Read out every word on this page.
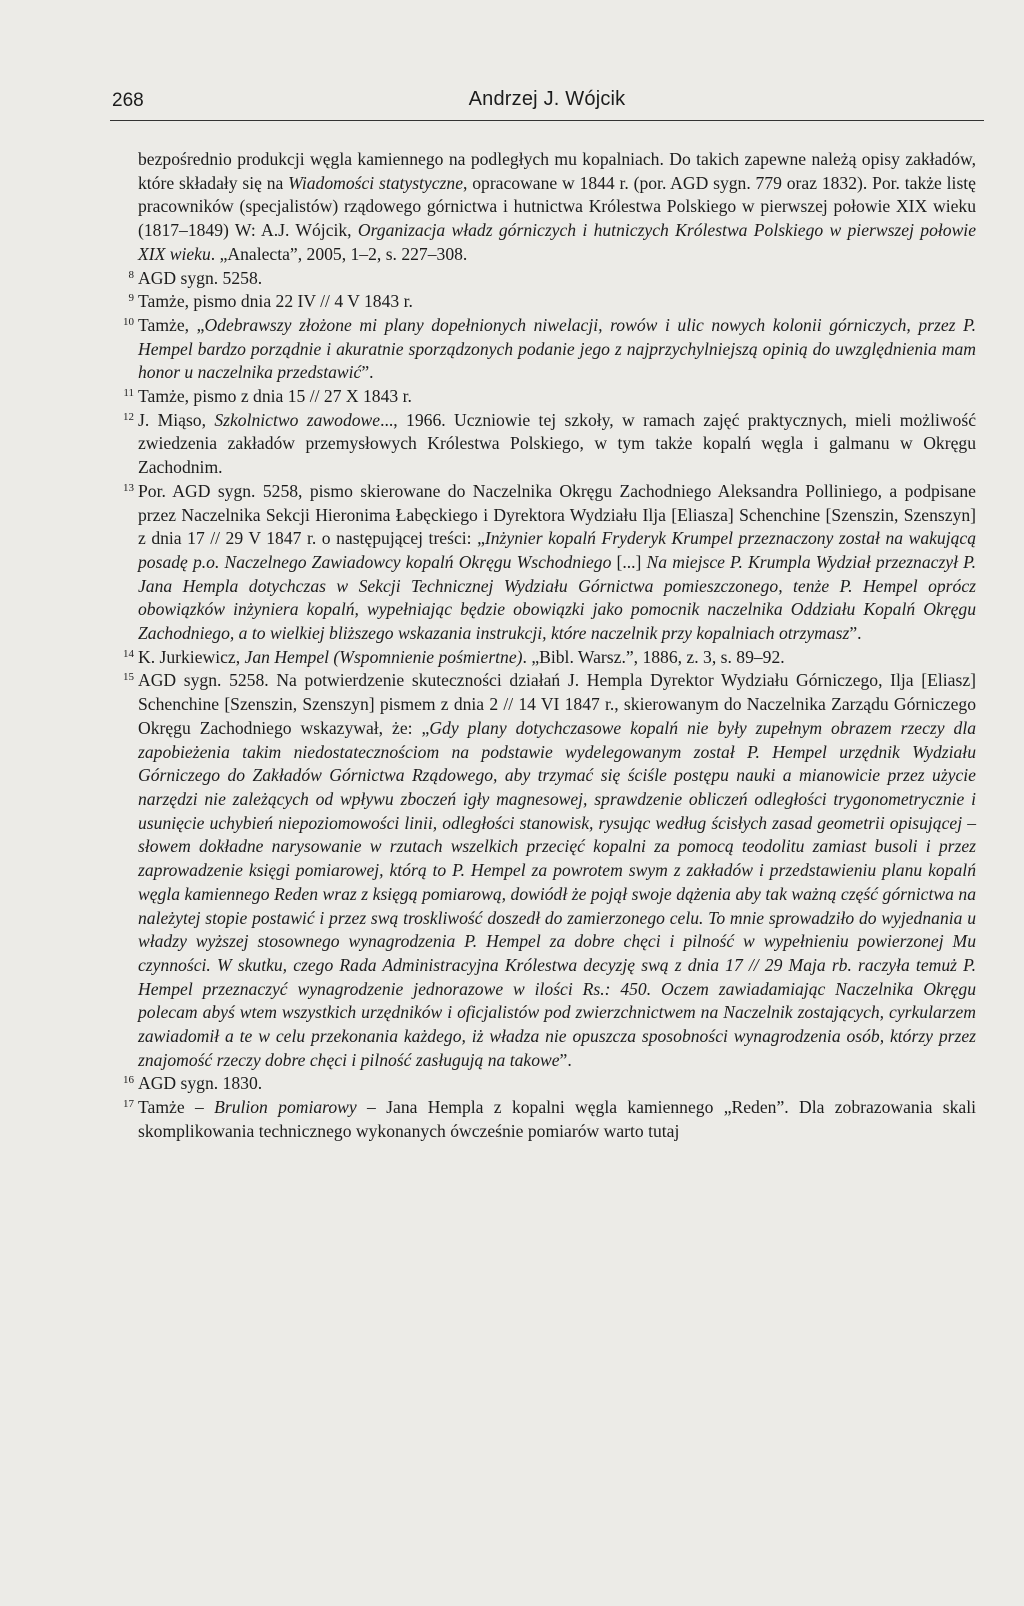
268	Andrzej J. Wójcik

bezpośrednio produkcji węgla kamiennego na podległych mu kopalniach. Do takich zapewne należą opisy zakładów, które składały się na Wiadomości statystyczne, opracowane w 1844 r. (por. AGD sygn. 779 oraz 1832). Por. także listę pracowników (specjalistów) rządowego górnictwa i hutnictwa Królestwa Polskiego w pierwszej połowie XIX wieku (1817–1849) W: A.J. Wójcik, Organizacja władz górniczych i hutniczych Królestwa Polskiego w pierwszej połowie XIX wieku. „Analecta”, 2005, 1–2, s. 227–308.

8 AGD sygn. 5258.

9 Tamże, pismo dnia 22 IV // 4 V 1843 r.

10 Tamże, „Odebrawszy złożone mi plany dopełnionych niwelacji, rowów i ulic nowych kolonii górniczych, przez P. Hempel bardzo porządnie i akuratnie sporządzonych podanie jego z najprzychylniejszą opinią do uwzględnienia mam honor u naczelnika przedstawić”.

11 Tamże, pismo z dnia 15 // 27 X 1843 r.

12 J. Miąso, Szkolnictwo zawodowe..., 1966. Uczniowie tej szkoły, w ramach zajęć praktycznych, mieli możliwość zwiedzenia zakładów przemysłowych Królestwa Polskiego, w tym także kopalń węgla i galmanu w Okręgu Zachodnim.

13 Por. AGD sygn. 5258, pismo skierowane do Naczelnika Okręgu Zachodniego Aleksandra Polliniego, a podpisane przez Naczelnika Sekcji Hieronima Łabęckiego i Dyrektora Wydziału Ilja [Eliasza] Schenchine [Szenszin, Szenszyn] z dnia 17 // 29 V 1847 r. o następującej treści: „Inżynier kopalń Fryderyk Krumpel przeznaczony został na wakującą posadę p.o. Naczelnego Zawiadowcy kopalń Okręgu Wschodniego [...] Na miejsce P. Krumpla Wydział przeznaczył P. Jana Hempla dotychczas w Sekcji Technicznej Wydziału Górnictwa pomieszczonego, tenże P. Hempel oprócz obowiązków inżyniera kopalń, wypełniając będzie obowiązki jako pomocnik naczelnika Oddziału Kopalń Okręgu Zachodniego, a to wielkiej bliższego wskazania instrukcji, które naczelnik przy kopalniach otrzymasz”.

14 K. Jurkiewicz, Jan Hempel (Wspomnienie pośmiertne). „Bibl. Warsz.”, 1886, z. 3, s. 89–92.

15 AGD sygn. 5258. Na potwierdzenie skuteczności działań J. Hempla Dyrektor Wydziału Górniczego, Ilja [Eliasz] Schenchine [Szenszin, Szenszyn] pismem z dnia 2 // 14 VI 1847 r., skierowanym do Naczelnika Zarządu Górniczego Okręgu Zachodniego wskazywał, że: „Gdy plany dotychczasowe kopalń nie były zupełnym obrazem rzeczy dla zapobieżenia takim niedostatecznościom na podstawie wydelegowanym został P. Hempel urzędnik Wydziału Górniczego do Zakładów Górnictwa Rządowego, aby trzymać się ściśle postępu nauki a mianowicie przez użycie narzędzi nie zależących od wpływu zboczeń igły magnesowej, sprawdzenie obliczeń odległości trygonometrycznie i usunięcie uchybień niepoziomowości linii, odległości stanowisk, rysując według ścisłych zasad geometrii opisującej – słowem dokładne narysowanie w rzutach wszelkich przecięć kopalni za pomocą teodolitu zamiast busoli i przez zaprowadzenie księgi pomiarowej, którą to P. Hempel za powrotem swym z zakładów i przedstawieniu planu kopalń węgla kamiennego Reden wraz z księgą pomiarową, dowiódł że pojął swoje dążenia aby tak ważną część górnictwa na należytej stopie postawić i przez swą troskliwość doszedł do zamierzonego celu. To mnie sprowadziło do wyjednania u władzy wyższej stosownego wynagrodzenia P. Hempel za dobre chęci i pilność w wypełnieniu powierzonej Mu czynności. W skutku, czego Rada Administracyjna Królestwa decyzję swą z dnia 17 // 29 Maja rb. raczyła temuż P. Hempel przeznaczyć wynagrodzenie jednorazowe w ilości Rs.: 450. Oczem zawiadamiając Naczelnika Okręgu polecam abyś wtem wszystkich urzędników i oficjalistów pod zwierzchnictwem na Naczelnik zostających, cyrkularzem zawiadomił a te w celu przekonania każdego, iż władza nie opuszcza sposobności wynagrodzenia osób, którzy przez znajomość rzeczy dobre chęci i pilność zasługują na takowe”.

16 AGD sygn. 1830.

17 Tamże – Brulion pomiarowy – Jana Hempla z kopalni węgla kamiennego „Reden”. Dla zobrazowania skali skomplikowania technicznego wykonanych ówcześnie pomiarów warto tutaj
